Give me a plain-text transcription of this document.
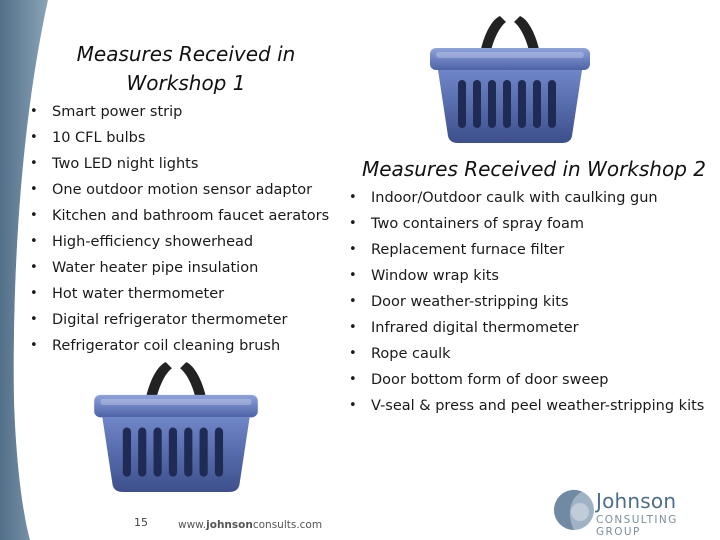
Measures Received in
Workshop 1
• Smart power strip
• 10 CFL bulbs
• Two LED night lights
• One outdoor motion sensor adaptor
• Kitchen and bathroom faucet aerators
• High-efficiency showerhead
• Water heater pipe insulation
• Hot water thermometer
• Digital refrigerator thermometer
• Refrigerator coil cleaning brush
Measures Received in Workshop 2
• Indoor/Outdoor caulk with caulking gun
• Two containers of spray foam
• Replacement furnace filter
• Window wrap kits
• Door weather-stripping kits
• Infrared digital thermometer
• Rope caulk
• Door bottom form of door sweep
• V-seal & press and peel weather-stripping kits
15	www.johnsonconsults.com
Johnson
CONSULTING GROUP
